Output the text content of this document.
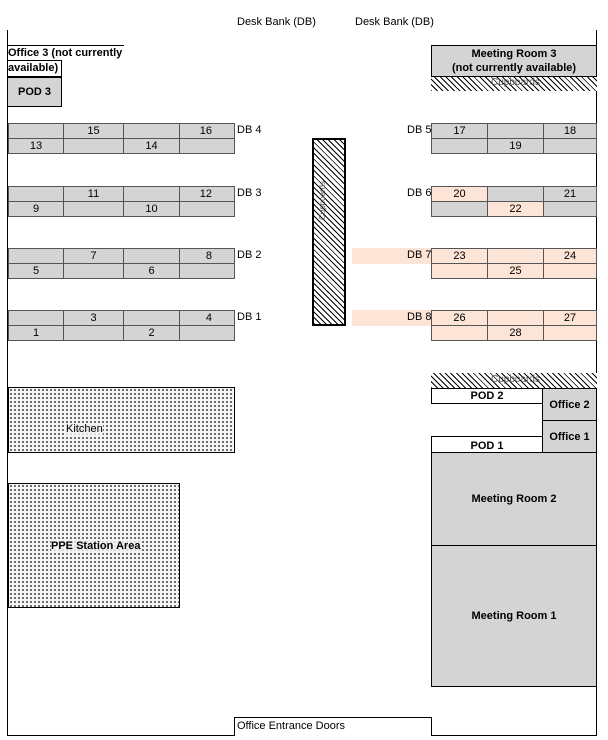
Desk Bank (DB)	Desk Bank (DB)
Office 3 (not currently available)
POD 3
Meeting Room 3
(not currently available)
Cupboards
Cupboards
15	16
13	14
DB 4
11	12
9	10
DB 3
7	8
5	6
DB 2
3	4
1	2
DB 1
DB 5	17	18
19
DB 6	20	21
22
DB 7	23	24
25
DB 8	26	27
28
Kitchen
PPE Station Area
Cupboards
POD 2
Office 2
Office 1
POD 1
Meeting Room 2
Meeting Room 1
Office Entrance Doors
